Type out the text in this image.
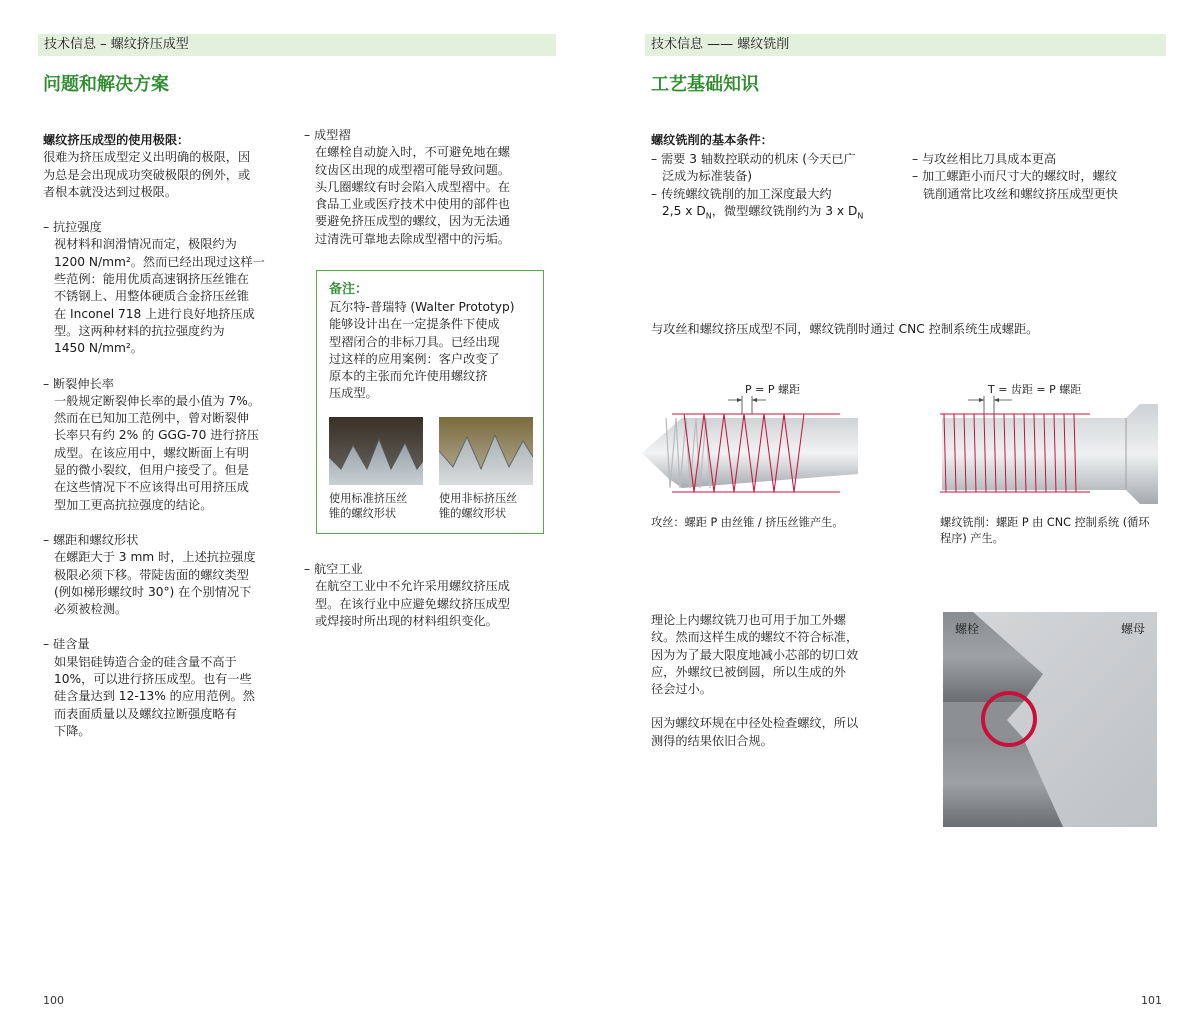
技术信息 – 螺纹挤压成型
问题和解决方案
螺纹挤压成型的使用极限：
很难为挤压成型定义出明确的极限，因
为总是会出现成功突破极限的例外，或
者根本就没达到过极限。
– 抗拉强度
视材料和润滑情况而定，极限约为
1200 N/mm²。然而已经出现过这样一
些范例：能用优质高速钢挤压丝锥在
不锈钢上、用整体硬质合金挤压丝锥
在 Inconel 718 上进行良好地挤压成
型。这两种材料的抗拉强度约为
1450 N/mm²。
– 断裂伸长率
一般规定断裂伸长率的最小值为 7%。
然而在已知加工范例中，曾对断裂伸
长率只有约 2% 的 GGG-70 进行挤压
成型。在该应用中，螺纹断面上有明
显的微小裂纹，但用户接受了。但是
在这些情况下不应该得出可用挤压成
型加工更高抗拉强度的结论。
– 螺距和螺纹形状
在螺距大于 3 mm 时，上述抗拉强度
极限必须下移。带陡齿面的螺纹类型
(例如梯形螺纹时 30°) 在个别情况下
必须被检测。
– 硅含量
如果铝硅铸造合金的硅含量不高于
10%，可以进行挤压成型。也有一些
硅含量达到 12-13% 的应用范例。然
而表面质量以及螺纹拉断强度略有
下降。
– 成型褶
在螺栓自动旋入时，不可避免地在螺
纹齿区出现的成型褶可能导致问题。
头几圈螺纹有时会陷入成型褶中。在
食品工业或医疗技术中使用的部件也
要避免挤压成型的螺纹，因为无法通
过清洗可靠地去除成型褶中的污垢。
备注：
瓦尔特-普瑞特 (Walter Prototyp)
能够设计出在一定提条件下使成
型褶闭合的非标刀具。已经出现
过这样的应用案例：客户改变了
原本的主张而允许使用螺纹挤
压成型。
使用标准挤压丝
锥的螺纹形状
使用非标挤压丝
锥的螺纹形状
– 航空工业
在航空工业中不允许采用螺纹挤压成
型。在该行业中应避免螺纹挤压成型
或焊接时所出现的材料组织变化。
100
技术信息 —— 螺纹铣削
工艺基础知识
螺纹铣削的基本条件：
– 需要 3 轴数控联动的机床 (今天已广
泛成为标准装备)
– 传统螺纹铣削的加工深度最大约
2,5 x $D_N$，微型螺纹铣削约为 3 x $D_N$
– 与攻丝相比刀具成本更高
– 加工螺距小而尺寸大的螺纹时，螺纹
铣削通常比攻丝和螺纹挤压成型更快
与攻丝和螺纹挤压成型不同，螺纹铣削时通过 CNC 控制系统生成螺距。
P = P 螺距
攻丝：螺距 P 由丝锥 / 挤压丝锥产生。
T = 齿距 = P 螺距
螺纹铣削：螺距 P 由 CNC 控制系统 (循环
程序) 产生。
理论上内螺纹铣刀也可用于加工外螺
纹。然而这样生成的螺纹不符合标准，
因为为了最大限度地减小芯部的切口效
应，外螺纹已被倒圆，所以生成的外
径会过小。
因为螺纹环规在中径处检查螺纹，所以
测得的结果依旧合规。
螺栓	螺母
101
